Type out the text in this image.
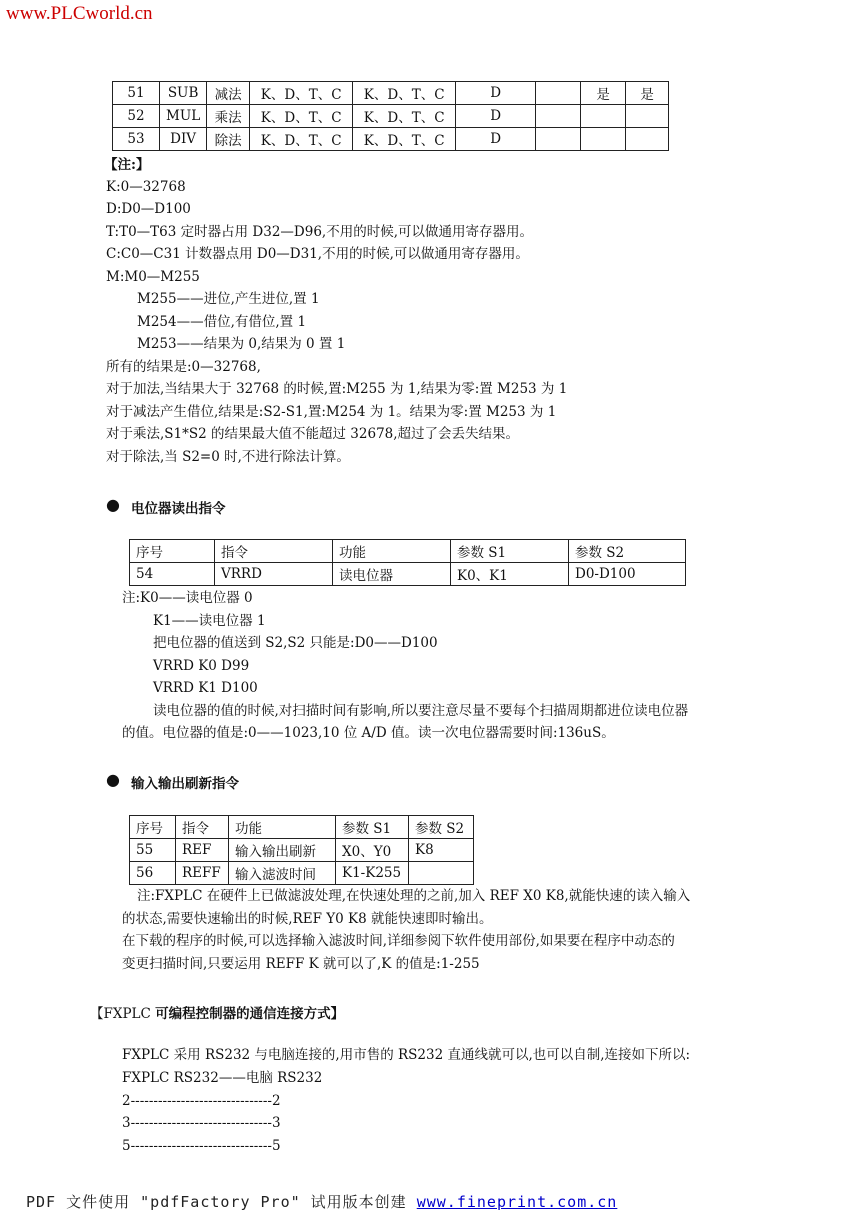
www.PLCworld.cn
51	SUB	减法	K、D、T、C	K、D、T、C	D		是	是
52	MUL	乘法	K、D、T、C	K、D、T、C	D			
53	DIV	除法	K、D、T、C	K、D、T、C	D			
【注:】
K:0—32768
D:D0—D100
T:T0—T63 定时器占用 D32—D96,不用的时候,可以做通用寄存器用。
C:C0—C31 计数器点用 D0—D31,不用的时候,可以做通用寄存器用。
M:M0—M255
M255——进位,产生进位,置 1
M254——借位,有借位,置 1
M253——结果为 0,结果为 0 置 1
所有的结果是:0—32768,
对于加法,当结果大于 32768 的时候,置:M255 为 1,结果为零:置 M253 为 1
对于减法产生借位,结果是:S2-S1,置:M254 为 1。结果为零:置 M253 为 1
对于乘法,S1*S2 的结果最大值不能超过 32678,超过了会丢失结果。
对于除法,当 S2=0 时,不进行除法计算。
● 电位器读出指令
序号	指令	功能	参数 S1	参数 S2
54	VRRD	读电位器	K0、K1	D0-D100
注:K0——读电位器 0
K1——读电位器 1
把电位器的值送到 S2,S2 只能是:D0——D100
VRRD K0 D99
VRRD K1 D100
读电位器的值的时候,对扫描时间有影响,所以要注意尽量不要每个扫描周期都进位读电位器
的值。电位器的值是:0——1023,10 位 A/D 值。读一次电位器需要时间:136uS。
● 输入输出刷新指令
序号	指令	功能	参数 S1	参数 S2
55	REF	输入输出刷新	X0、Y0	K8
56	REFF	输入滤波时间	K1-K255	
注:FXPLC 在硬件上已做滤波处理,在快速处理的之前,加入 REF X0 K8,就能快速的读入输入
的状态,需要快速输出的时候,REF Y0 K8 就能快速即时输出。
在下载的程序的时候,可以选择输入滤波时间,详细参阅下软件使用部份,如果要在程序中动态的
变更扫描时间,只要运用 REFF K 就可以了,K 的值是:1-255
【FXPLC 可编程控制器的通信连接方式】
FXPLC 采用 RS232 与电脑连接的,用市售的 RS232 直通线就可以,也可以自制,连接如下所以:
FXPLC RS232——电脑 RS232
2-------------------------------2
3-------------------------------3
5-------------------------------5
PDF 文件使用 "pdfFactory Pro" 试用版本创建 www.fineprint.com.cn
